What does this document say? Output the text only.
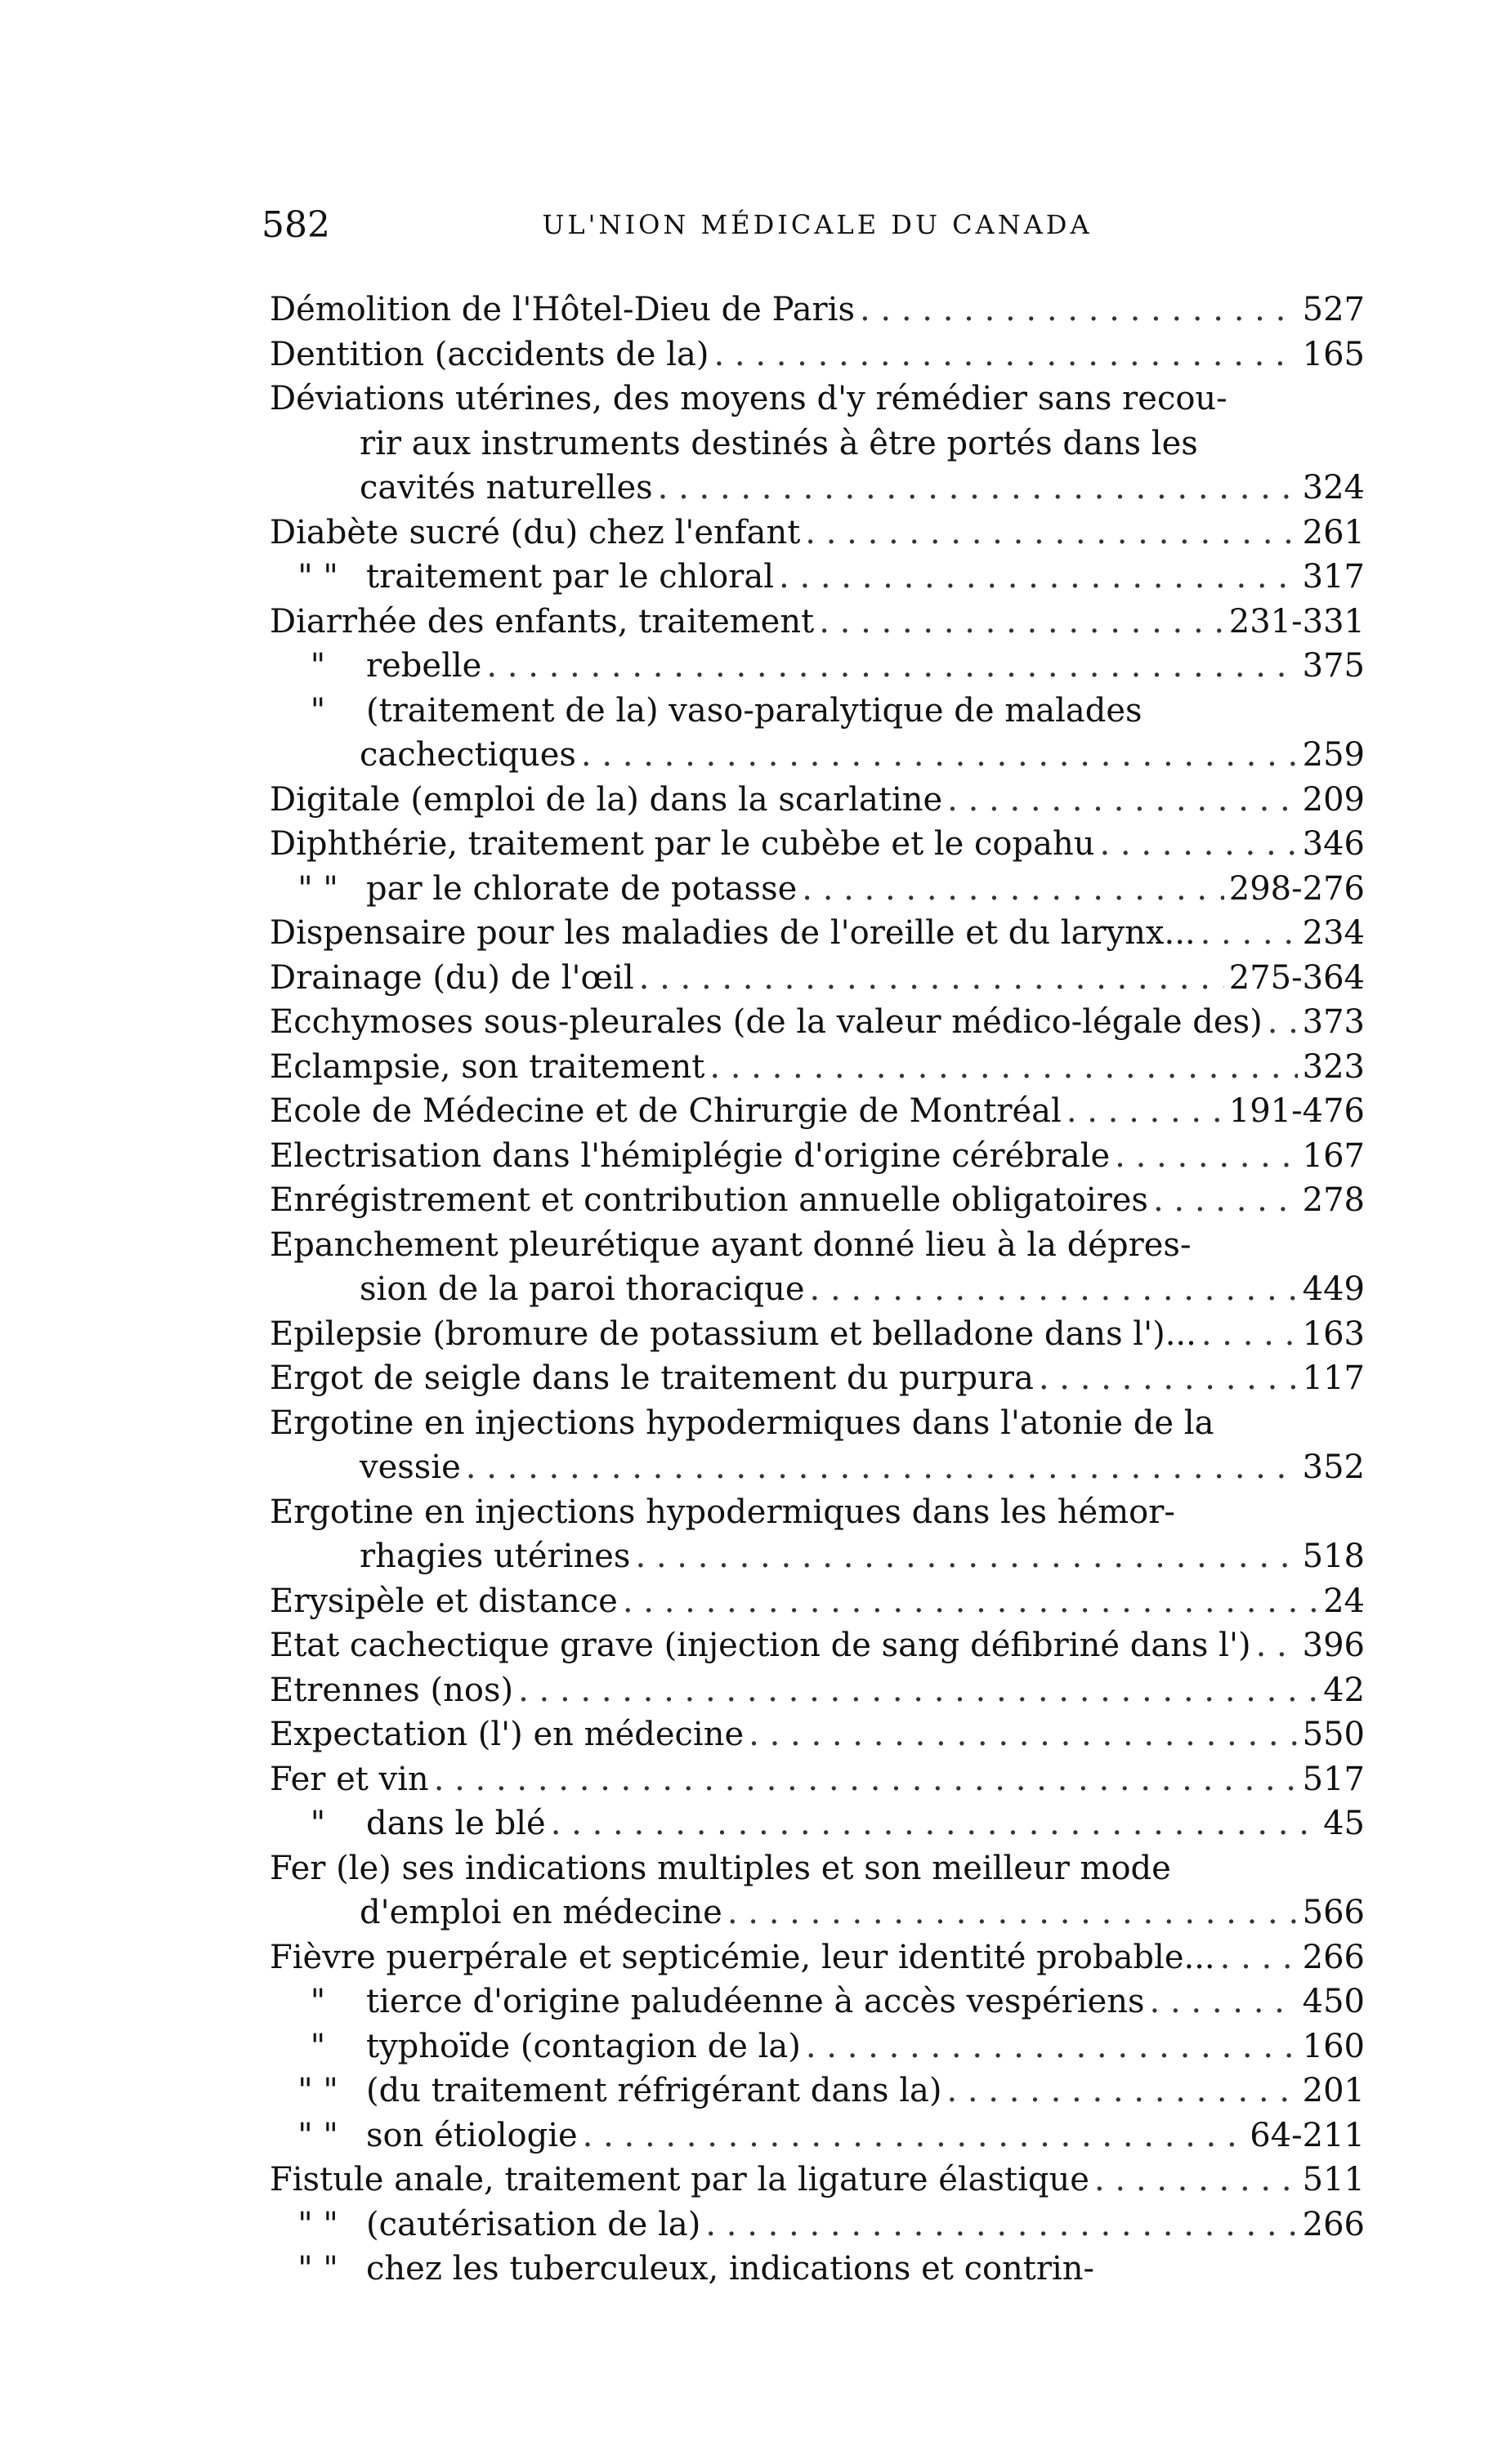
582	UL'NION MÉDICALE DU CANADA
Démolition de l'Hôtel-Dieu de Paris . . .	527
Dentition (accidents de la) . . .	165
Déviations utérines, des moyens d'y rémédier sans recou-
rir aux instruments destinés à être portés dans les
cavités naturelles . . .	324
Diabète sucré (du) chez l'enfant . . .	261
" " traitement par le chloral . . .	317
Diarrhée des enfants, traitement . . .	231-331
" rebelle . . .	375
" (traitement de la) vaso-paralytique de malades
cachectiques . . .	259
Digitale (emploi de la) dans la scarlatine . . .	209
Diphthérie, traitement par le cubèbe et le copahu . . .	346
" " par le chlorate de potasse . . .	298-276
Dispensaire pour les maladies de l'oreille et du larynx... . . .	234
Drainage (du) de l'œil . . .	275-364
Ecchymoses sous-pleurales (de la valeur médico-légale des) . . . 373
Eclampsie, son traitement . . .	323
Ecole de Médecine et de Chirurgie de Montréal . . .	191-476
Electrisation dans l'hémiplégie d'origine cérébrale . . .	167
Enrégistrement et contribution annuelle obligatoires . . .	278
Epanchement pleurétique ayant donné lieu à la dépres-
sion de la paroi thoracique . . .	449
Epilepsie (bromure de potassium et belladone dans l')... . . .	163
Ergot de seigle dans le traitement du purpura . . .	117
Ergotine en injections hypodermiques dans l'atonie de la
vessie . . .	352
Ergotine en injections hypodermiques dans les hémor-
rhagies utérines . . .	518
Erysipèle et distance . . .	24
Etat cachectique grave (injection de sang défibriné dans l') . . . 396
Etrennes (nos) . . .	42
Expectation (l') en médecine . . .	550
Fer et vin . . .	517
" dans le blé . . .	45
Fer (le) ses indications multiples et son meilleur mode
d'emploi en médecine . . .	566
Fièvre puerpérale et septicémie, leur identité probable... . . .	266
" tierce d'origine paludéenne à accès vespériens . . .	450
" typhoïde (contagion de la) . . .	160
" " (du traitement réfrigérant dans la) . . .	201
" " son étiologie . . .	64-211
Fistule anale, traitement par la ligature élastique . . .	511
" " (cautérisation de la) . . .	266
" " chez les tuberculeux, indications et contrin-
